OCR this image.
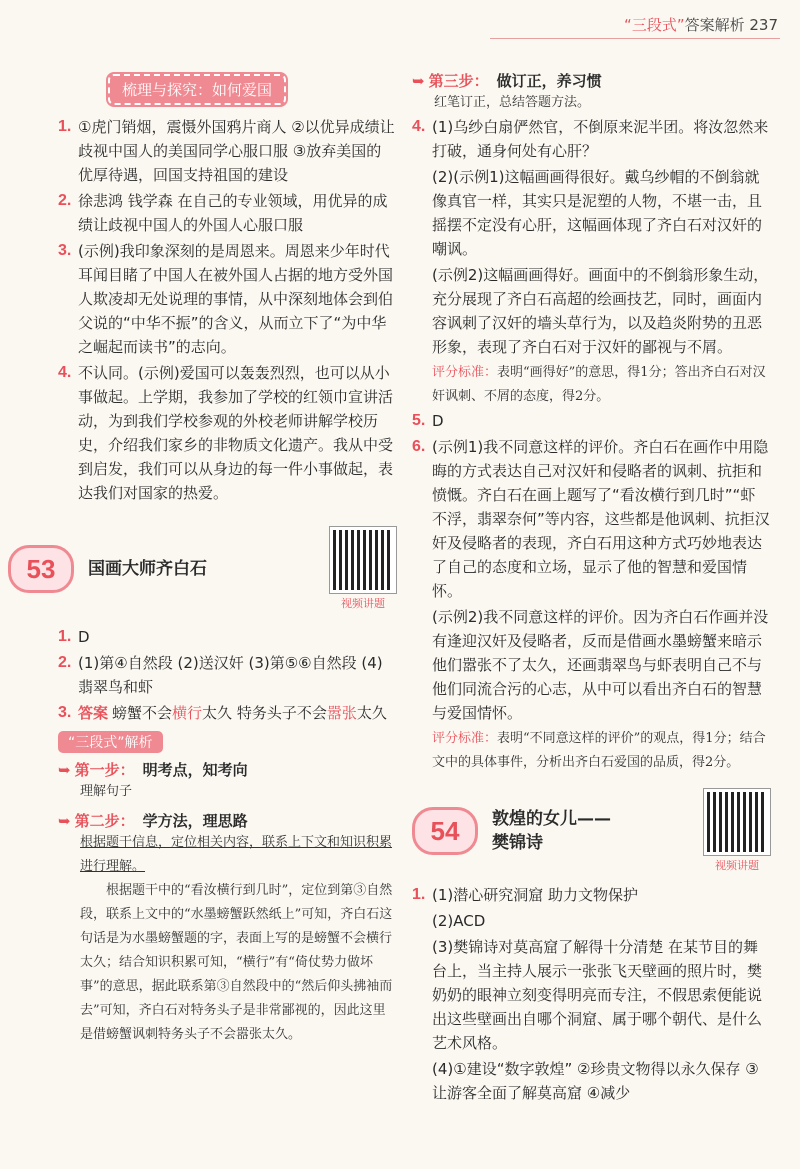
“三段式”答案解析 237
梳理与探究：如何爱国
1. ①虎门销烟，震慑外国鸦片商人 ②以优异成绩让歧视中国人的美国同学心服口服 ③放弃美国的优厚待遇，回国支持祖国的建设
2. 徐悲鸿 钱学森 在自己的专业领域，用优异的成绩让歧视中国人的外国人心服口服
3. (示例)我印象深刻的是周恩来。周恩来少年时代耳闻目睹了中国人在被外国人占据的地方受外国人欺凌却无处说理的事情，从中深刻地体会到伯父说的“中华不振”的含义，从而立下了“为中华之崛起而读书”的志向。
4. 不认同。(示例)爱国可以轰轰烈烈，也可以从小事做起。上学期，我参加了学校的红领巾宣讲活动，为到我们学校参观的外校老师讲解学校历史，介绍我们家乡的非物质文化遗产。我从中受到启发，我们可以从身边的每一件小事做起，表达我们对国家的热爱。
53	国画大师齐白石
视频讲题
1. D
2. (1)第④自然段 (2)送汉奸 (3)第⑤⑥自然段 (4)翡翠鸟和虾
3. 答案 螃蟹不会横行太久 特务头子不会嚣张太久
“三段式”解析
➥ 第一步： 明考点，知考向
理解句子
➥ 第二步： 学方法，理思路
根据题干信息，定位相关内容，联系上下文和知识积累进行理解。
根据题干中的“看汝横行到几时”，定位到第③自然段，联系上文中的“水墨螃蟹跃然纸上”可知，齐白石这句话是为水墨螃蟹题的字，表面上写的是螃蟹不会横行太久；结合知识积累可知，“横行”有“倚仗势力做坏事”的意思，据此联系第③自然段中的“然后仰头拂袖而去”可知，齐白石对特务头子是非常鄙视的，因此这里是借螃蟹讽刺特务头子不会嚣张太久。
➥ 第三步： 做订正，养习惯
红笔订正，总结答题方法。
4. (1)乌纱白扇俨然官，不倒原来泥半团。将汝忽然来打破，通身何处有心肝？
(2)(示例1)这幅画画得很好。戴乌纱帽的不倒翁就像真官一样，其实只是泥塑的人物，不堪一击，且摇摆不定没有心肝，这幅画体现了齐白石对汉奸的嘲讽。
(示例2)这幅画画得好。画面中的不倒翁形象生动，充分展现了齐白石高超的绘画技艺，同时，画面内容讽刺了汉奸的墙头草行为，以及趋炎附势的丑恶形象，表现了齐白石对于汉奸的鄙视与不屑。
评分标准：表明“画得好”的意思，得1分；答出齐白石对汉奸讽刺、不屑的态度，得2分。
5. D
6. (示例1)我不同意这样的评价。齐白石在画作中用隐晦的方式表达自己对汉奸和侵略者的讽刺、抗拒和愤慨。齐白石在画上题写了“看汝横行到几时”“虾不浮，翡翠奈何”等内容，这些都是他讽刺、抗拒汉奸及侵略者的表现，齐白石用这种方式巧妙地表达了自己的态度和立场，显示了他的智慧和爱国情怀。
(示例2)我不同意这样的评价。因为齐白石作画并没有逢迎汉奸及侵略者，反而是借画水墨螃蟹来暗示他们嚣张不了太久，还画翡翠鸟与虾表明自己不与他们同流合污的心志，从中可以看出齐白石的智慧与爱国情怀。
评分标准：表明“不同意这样的评价”的观点，得1分；结合文中的具体事件，分析出齐白石爱国的品质，得2分。
54	敦煌的女儿——
樊锦诗
视频讲题
1. (1)潜心研究洞窟 助力文物保护
(2)ACD
(3)樊锦诗对莫高窟了解得十分清楚 在某节目的舞台上，当主持人展示一张张飞天壁画的照片时，樊奶奶的眼神立刻变得明亮而专注，不假思索便能说出这些壁画出自哪个洞窟、属于哪个朝代、是什么艺术风格。
(4)①建设“数字敦煌” ②珍贵文物得以永久保存 ③让游客全面了解莫高窟 ④减少
